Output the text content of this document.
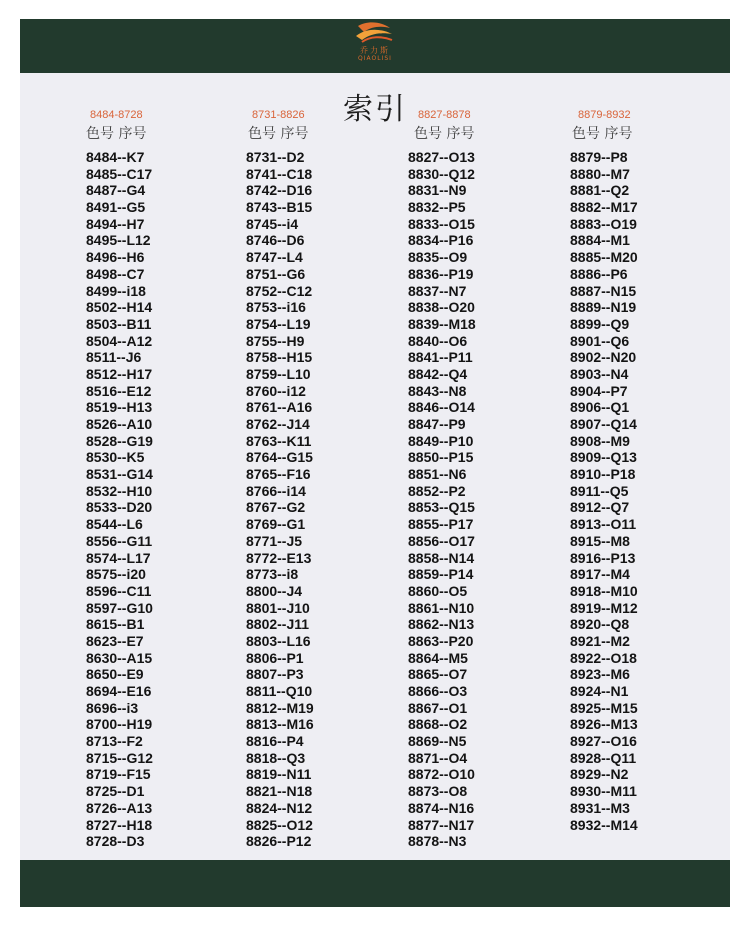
乔力斯
QIAOLISI
索引
8484-8728
色号 序号
8484--K7
8485--C17
8487--G4
8491--G5
8494--H7
8495--L12
8496--H6
8498--C7
8499--i18
8502--H14
8503--B11
8504--A12
8511--J6
8512--H17
8516--E12
8519--H13
8526--A10
8528--G19
8530--K5
8531--G14
8532--H10
8533--D20
8544--L6
8556--G11
8574--L17
8575--i20
8596--C11
8597--G10
8615--B1
8623--E7
8630--A15
8650--E9
8694--E16
8696--i3
8700--H19
8713--F2
8715--G12
8719--F15
8725--D1
8726--A13
8727--H18
8728--D3
8731-8826
色号 序号
8731--D2
8741--C18
8742--D16
8743--B15
8745--i4
8746--D6
8747--L4
8751--G6
8752--C12
8753--i16
8754--L19
8755--H9
8758--H15
8759--L10
8760--i12
8761--A16
8762--J14
8763--K11
8764--G15
8765--F16
8766--i14
8767--G2
8769--G1
8771--J5
8772--E13
8773--i8
8800--J4
8801--J10
8802--J11
8803--L16
8806--P1
8807--P3
8811--Q10
8812--M19
8813--M16
8816--P4
8818--Q3
8819--N11
8821--N18
8824--N12
8825--O12
8826--P12
8827-8878
色号 序号
8827--O13
8830--Q12
8831--N9
8832--P5
8833--O15
8834--P16
8835--O9
8836--P19
8837--N7
8838--O20
8839--M18
8840--O6
8841--P11
8842--Q4
8843--N8
8846--O14
8847--P9
8849--P10
8850--P15
8851--N6
8852--P2
8853--Q15
8855--P17
8856--O17
8858--N14
8859--P14
8860--O5
8861--N10
8862--N13
8863--P20
8864--M5
8865--O7
8866--O3
8867--O1
8868--O2
8869--N5
8871--O4
8872--O10
8873--O8
8874--N16
8877--N17
8878--N3
8879-8932
色号 序号
8879--P8
8880--M7
8881--Q2
8882--M17
8883--O19
8884--M1
8885--M20
8886--P6
8887--N15
8889--N19
8899--Q9
8901--Q6
8902--N20
8903--N4
8904--P7
8906--Q1
8907--Q14
8908--M9
8909--Q13
8910--P18
8911--Q5
8912--Q7
8913--O11
8915--M8
8916--P13
8917--M4
8918--M10
8919--M12
8920--Q8
8921--M2
8922--O18
8923--M6
8924--N1
8925--M15
8926--M13
8927--O16
8928--Q11
8929--N2
8930--M11
8931--M3
8932--M14
